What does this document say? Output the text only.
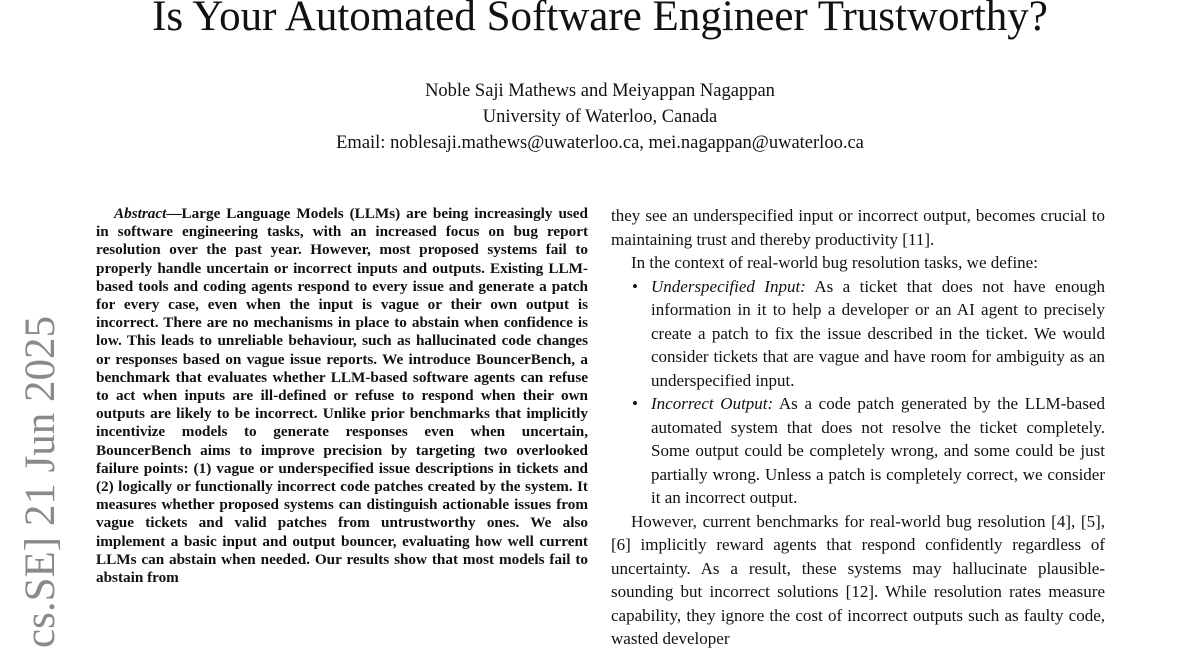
Is Your Automated Software Engineer Trustworthy?
Noble Saji Mathews and Meiyappan Nagappan
University of Waterloo, Canada
Email: noblesaji.mathews@uwaterloo.ca, mei.nagappan@uwaterloo.ca
cs.SE] 21 Jun 2025

Abstract—Large Language Models (LLMs) are being increasingly used in software engineering tasks, with an increased focus on bug report resolution over the past year. However, most proposed systems fail to properly handle uncertain or incorrect inputs and outputs. Existing LLM-based tools and coding agents respond to every issue and generate a patch for every case, even when the input is vague or their own output is incorrect. There are no mechanisms in place to abstain when confidence is low. This leads to unreliable behaviour, such as hallucinated code changes or responses based on vague issue reports. We introduce BouncerBench, a benchmark that evaluates whether LLM-based software agents can refuse to act when inputs are ill-defined or refuse to respond when their own outputs are likely to be incorrect. Unlike prior benchmarks that implicitly incentivize models to generate responses even when uncertain, BouncerBench aims to improve precision by targeting two overlooked failure points: (1) vague or underspecified issue descriptions in tickets and (2) logically or functionally incorrect code patches created by the system. It measures whether proposed systems can distinguish actionable issues from vague tickets and valid patches from untrustworthy ones. We also implement a basic input and output bouncer, evaluating how well current LLMs can abstain when needed. Our results show that most models fail to abstain from

they see an underspecified input or incorrect output, becomes crucial to maintaining trust and thereby productivity [11].

In the context of real-world bug resolution tasks, we define:

• Underspecified Input: As a ticket that does not have enough information in it to help a developer or an AI agent to precisely create a patch to fix the issue described in the ticket. We would consider tickets that are vague and have room for ambiguity as an underspecified input.
• Incorrect Output: As a code patch generated by the LLM-based automated system that does not resolve the ticket completely. Some output could be completely wrong, and some could be just partially wrong. Unless a patch is completely correct, we consider it an incorrect output.

However, current benchmarks for real-world bug resolution [4], [5], [6] implicitly reward agents that respond confidently regardless of uncertainty. As a result, these systems may hallucinate plausible-sounding but incorrect solutions [12]. While resolution rates measure capability, they ignore the cost of incorrect outputs such as faulty code, wasted developer
